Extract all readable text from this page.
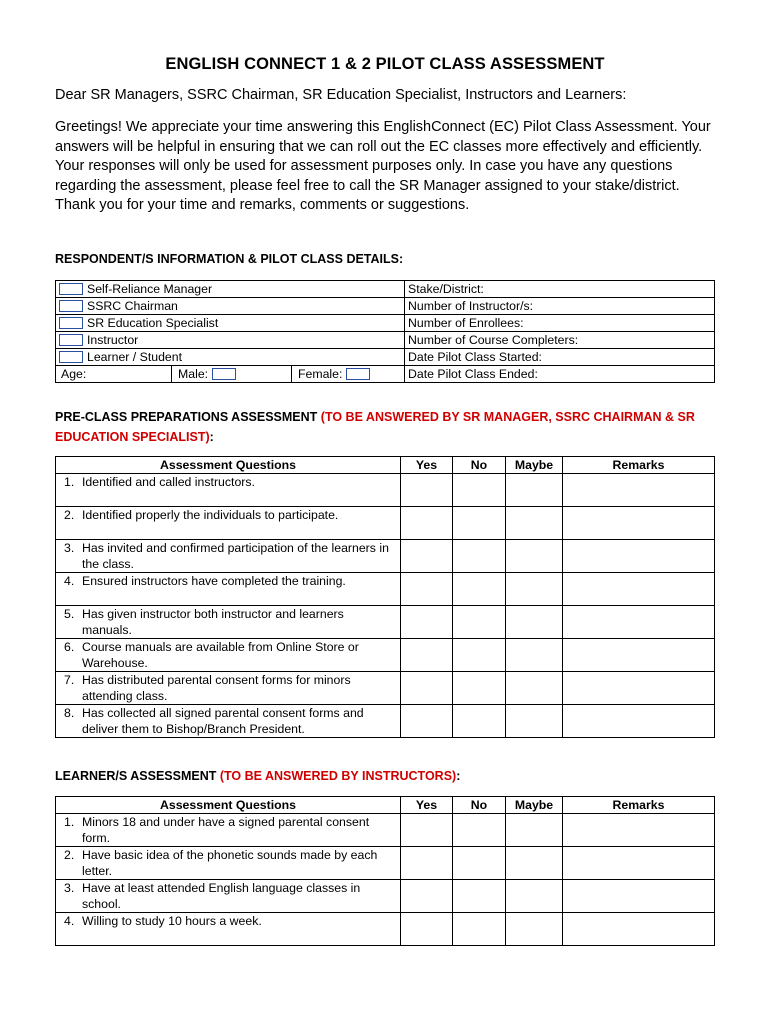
ENGLISH CONNECT 1 & 2 PILOT CLASS ASSESSMENT
Dear SR Managers, SSRC Chairman, SR Education Specialist, Instructors and Learners:
Greetings! We appreciate your time answering this EnglishConnect (EC) Pilot Class Assessment. Your answers will be helpful in ensuring that we can roll out the EC classes more effectively and efficiently. Your responses will only be used for assessment purposes only. In case you have any questions regarding the assessment, please feel free to call the SR Manager assigned to your stake/district. Thank you for your time and remarks, comments or suggestions.
RESPONDENT/S INFORMATION & PILOT CLASS DETAILS:
Self-Reliance Manager	Stake/District:
SSRC Chairman	Number of Instructor/s:
SR Education Specialist	Number of Enrollees:
Instructor	Number of Course Completers:
Learner / Student	Date Pilot Class Started:

Age: Male: Female:	Date Pilot Class Ended:
PRE-CLASS PREPARATIONS ASSESSMENT (TO BE ANSWERED BY SR MANAGER, SSRC CHAIRMAN & SR EDUCATION SPECIALIST):
Assessment Questions	Yes	No	Maybe	Remarks

1. Identified and called instructors.				

2. Identified properly the individuals to participate.				

3. Has invited and confirmed participation of the learners in the class.				

4. Ensured instructors have completed the training.				

5. Has given instructor both instructor and learners manuals.				

6. Course manuals are available from Online Store or Warehouse.				

7. Has distributed parental consent forms for minors attending class.				

8. Has collected all signed parental consent forms and deliver them to Bishop/Branch President.				

LEARNER/S ASSESSMENT (TO BE ANSWERED BY INSTRUCTORS):
Assessment Questions	Yes	No	Maybe	Remarks

1. Minors 18 and under have a signed parental consent form.				

2. Have basic idea of the phonetic sounds made by each letter.				

3. Have at least attended English language classes in school.				

4. Willing to study 10 hours a week.				
